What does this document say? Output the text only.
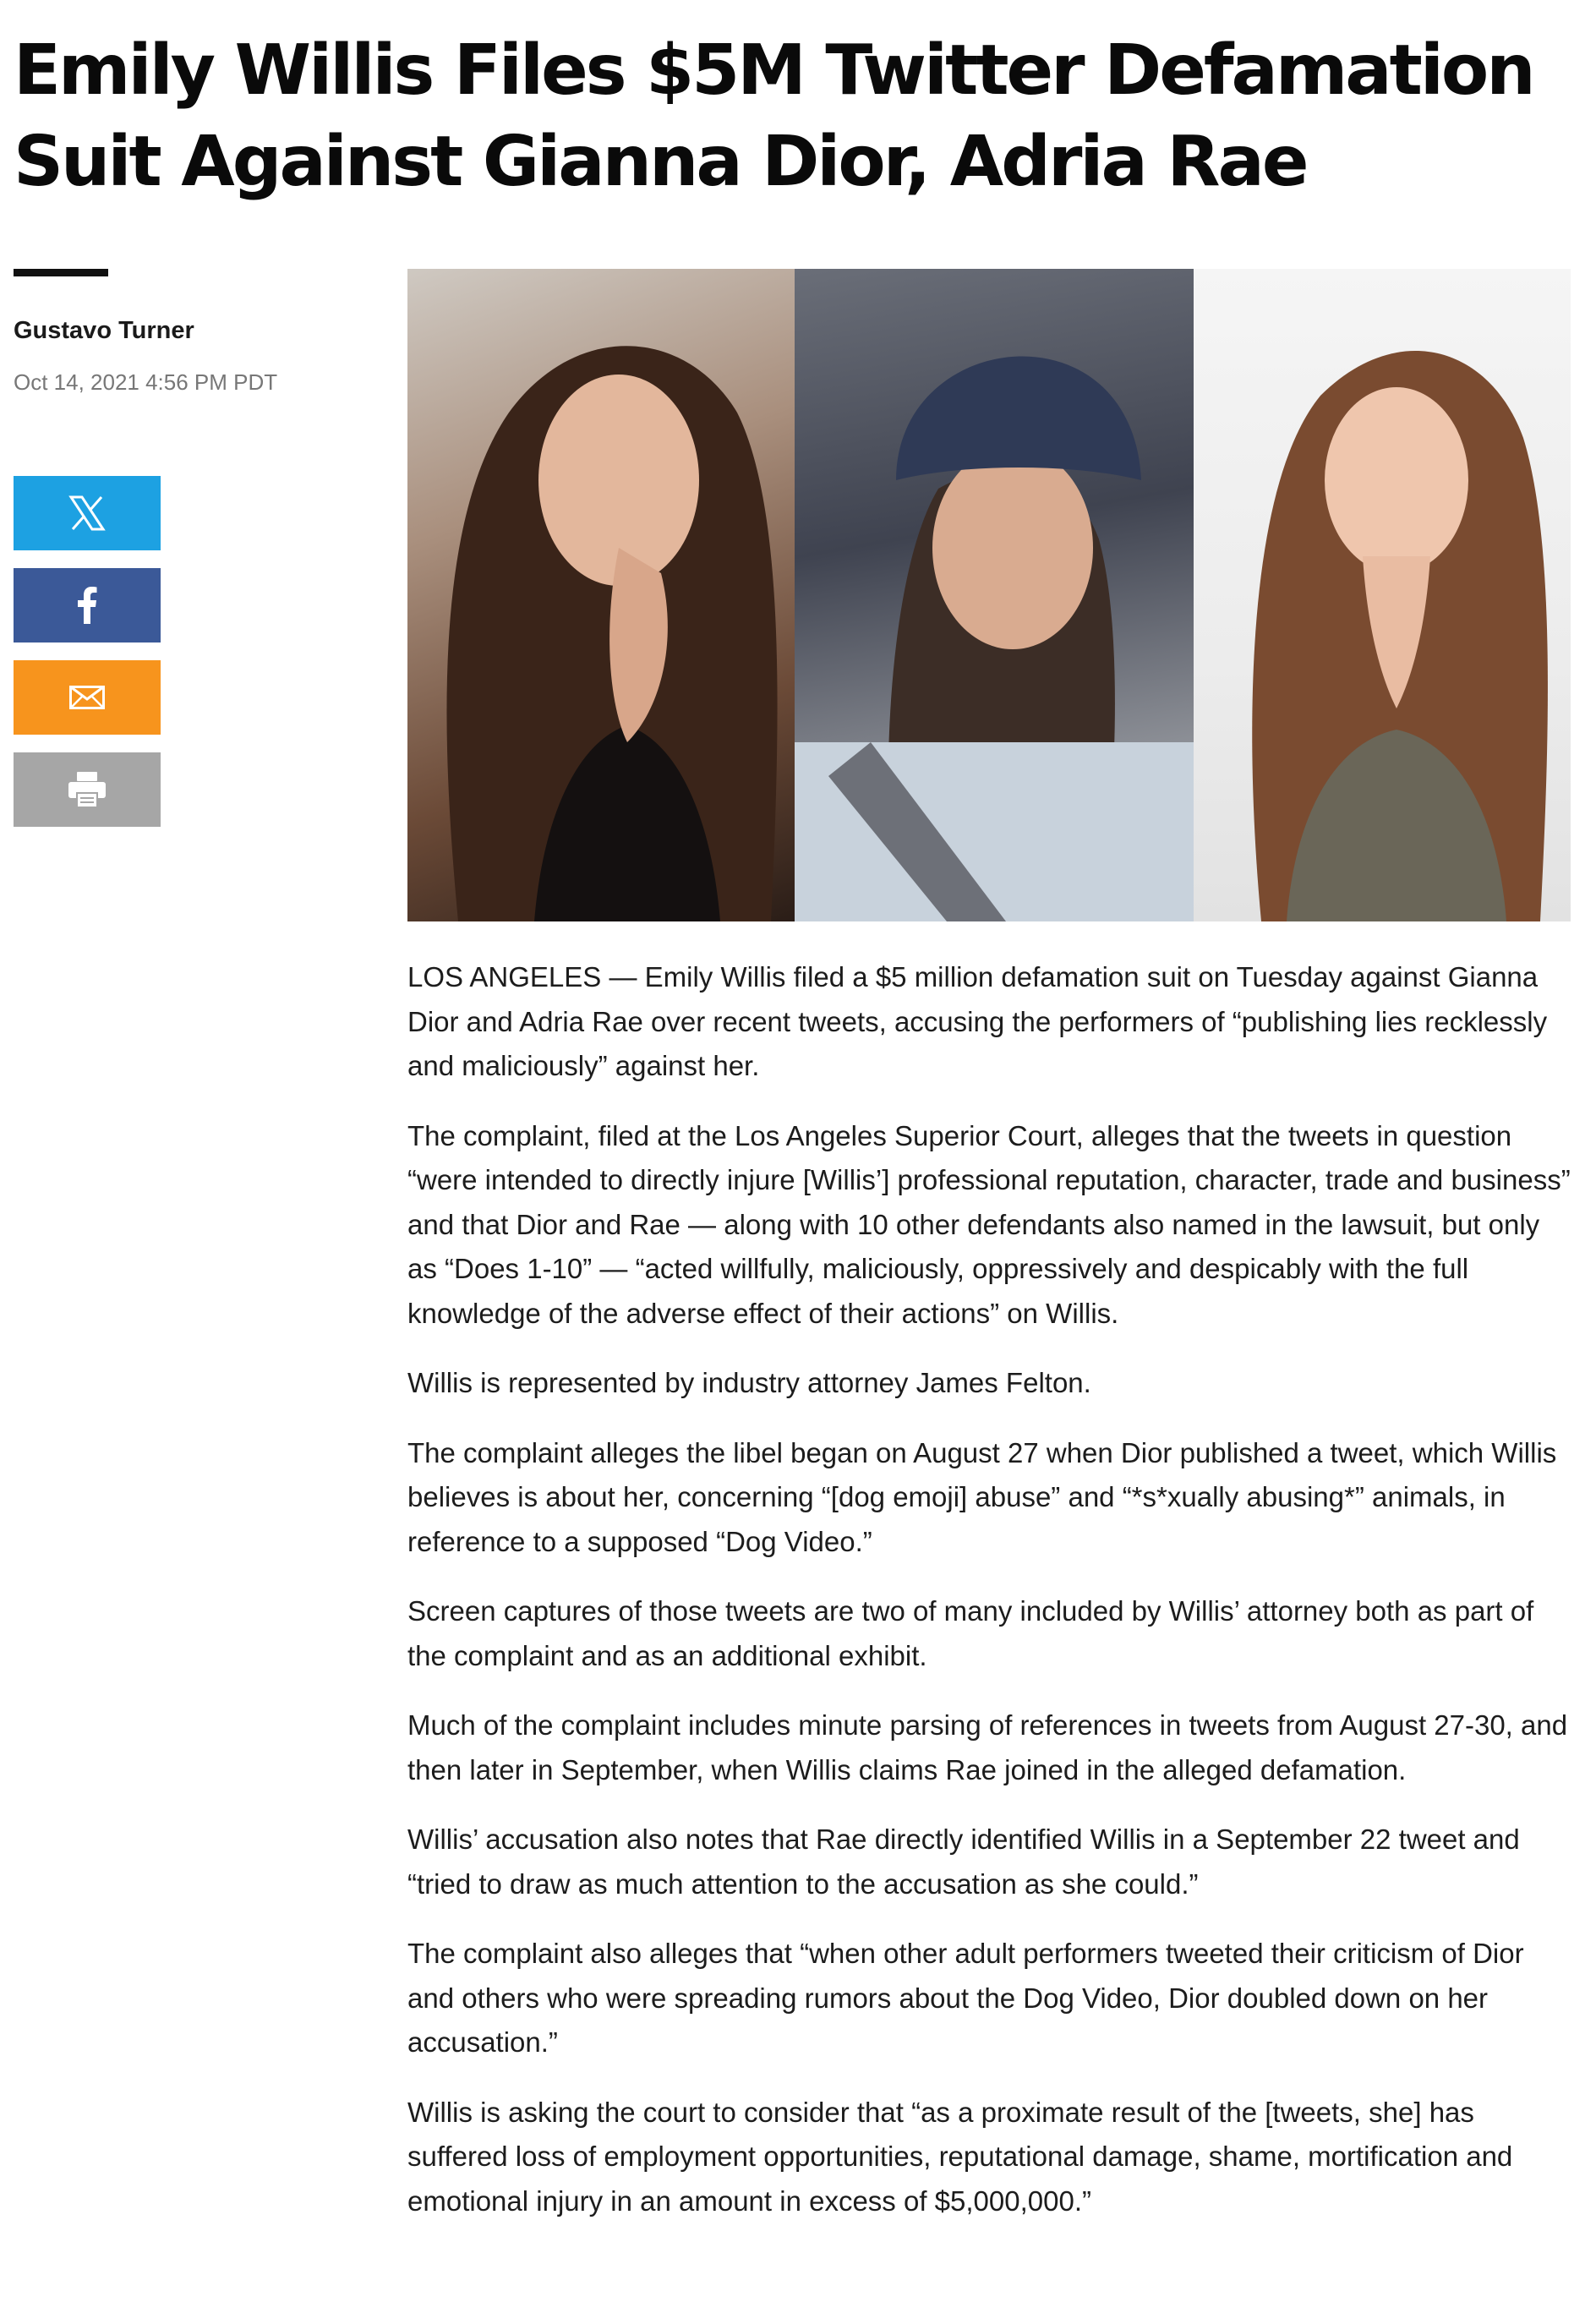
Emily Willis Files $5M Twitter Defamation Suit Against Gianna Dior, Adria Rae
Gustavo Turner
Oct 14, 2021 4:56 PM PDT

LOS ANGELES — Emily Willis filed a $5 million defamation suit on Tuesday against Gianna Dior and Adria Rae over recent tweets, accusing the performers of “publishing lies recklessly and maliciously” against her.

The complaint, filed at the Los Angeles Superior Court, alleges that the tweets in question “were intended to directly injure [Willis’] professional reputation, character, trade and business” and that Dior and Rae — along with 10 other defendants also named in the lawsuit, but only as “Does 1-10” — “acted willfully, maliciously, oppressively and despicably with the full knowledge of the adverse effect of their actions” on Willis.

Willis is represented by industry attorney James Felton.

The complaint alleges the libel began on August 27 when Dior published a tweet, which Willis believes is about her, concerning “[dog emoji] abuse” and “*s*xually abusing*” animals, in reference to a supposed “Dog Video.”

Screen captures of those tweets are two of many included by Willis’ attorney both as part of the complaint and as an additional exhibit.

Much of the complaint includes minute parsing of references in tweets from August 27-30, and then later in September, when Willis claims Rae joined in the alleged defamation.

Willis’ accusation also notes that Rae directly identified Willis in a September 22 tweet and “tried to draw as much attention to the accusation as she could.”

The complaint also alleges that “when other adult performers tweeted their criticism of Dior and others who were spreading rumors about the Dog Video, Dior doubled down on her accusation.”

Willis is asking the court to consider that “as a proximate result of the [tweets, she] has suffered loss of employment opportunities, reputational damage, shame, mortification and emotional injury in an amount in excess of $5,000,000.”
